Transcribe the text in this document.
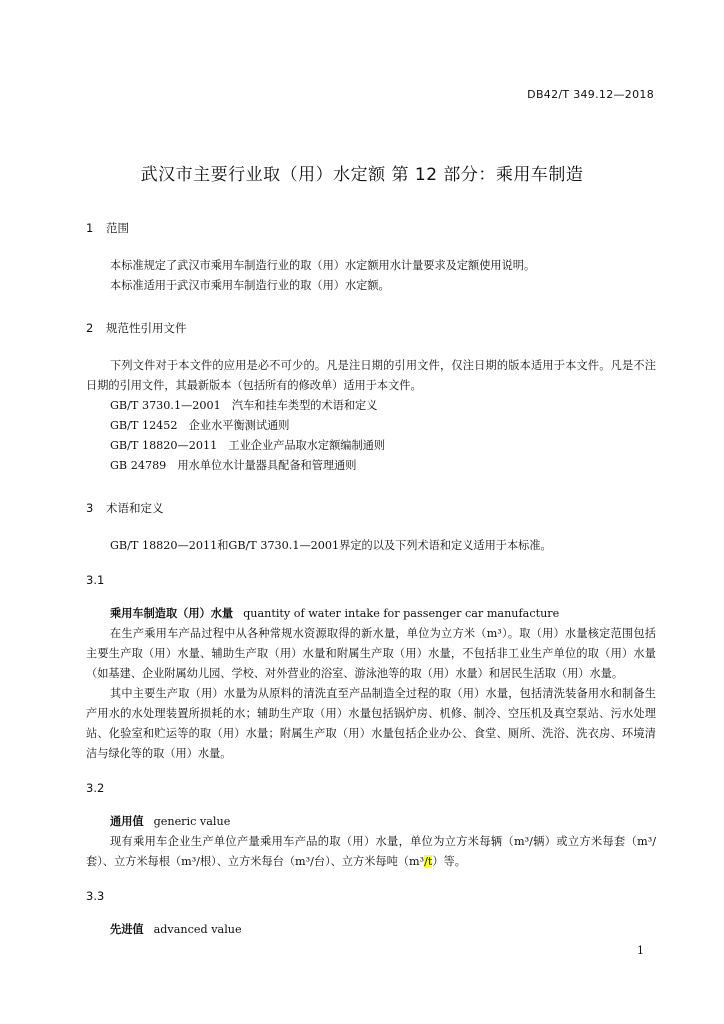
DB42/T 349.12—2018
武汉市主要行业取（用）水定额 第 12 部分：乘用车制造

1 范围

本标准规定了武汉市乘用车制造行业的取（用）水定额用水计量要求及定额使用说明。

本标准适用于武汉市乘用车制造行业的取（用）水定额。

2 规范性引用文件

下列文件对于本文件的应用是必不可少的。凡是注日期的引用文件，仅注日期的版本适用于本文件。凡是不注日期的引用文件，其最新版本（包括所有的修改单）适用于本文件。

GB/T 3730.1—2001　汽车和挂车类型的术语和定义

GB/T 12452　企业水平衡测试通则

GB/T 18820—2011　工业企业产品取水定额编制通则

GB 24789　用水单位水计量器具配备和管理通则

3 术语和定义

GB/T 18820—2011和GB/T 3730.1—2001界定的以及下列术语和定义适用于本标准。

3.1

乘用车制造取（用）水量 quantity of water intake for passenger car manufacture

在生产乘用车产品过程中从各种常规水资源取得的新水量，单位为立方米（m³）。取（用）水量核定范围包括主要生产取（用）水量、辅助生产取（用）水量和附属生产取（用）水量，不包括非工业生产单位的取（用）水量（如基建、企业附属幼儿园、学校、对外营业的浴室、游泳池等的取（用）水量）和居民生活取（用）水量。

其中主要生产取（用）水量为从原料的清洗直至产品制造全过程的取（用）水量，包括清洗装备用水和制备生产用水的水处理装置所损耗的水；辅助生产取（用）水量包括锅炉房、机修、制冷、空压机及真空泵站、污水处理站、化验室和贮运等的取（用）水量；附属生产取（用）水量包括企业办公、食堂、厕所、洗浴、洗衣房、环境清洁与绿化等的取（用）水量。

3.2

通用值 generic value

现有乘用车企业生产单位产量乘用车产品的取（用）水量，单位为立方米每辆（m³/辆）或立方米每套（m³/套）、立方米每根（m³/根）、立方米每台（m³/台）、立方米每吨（m³/t）等。

3.3

先进值 advanced value

1
